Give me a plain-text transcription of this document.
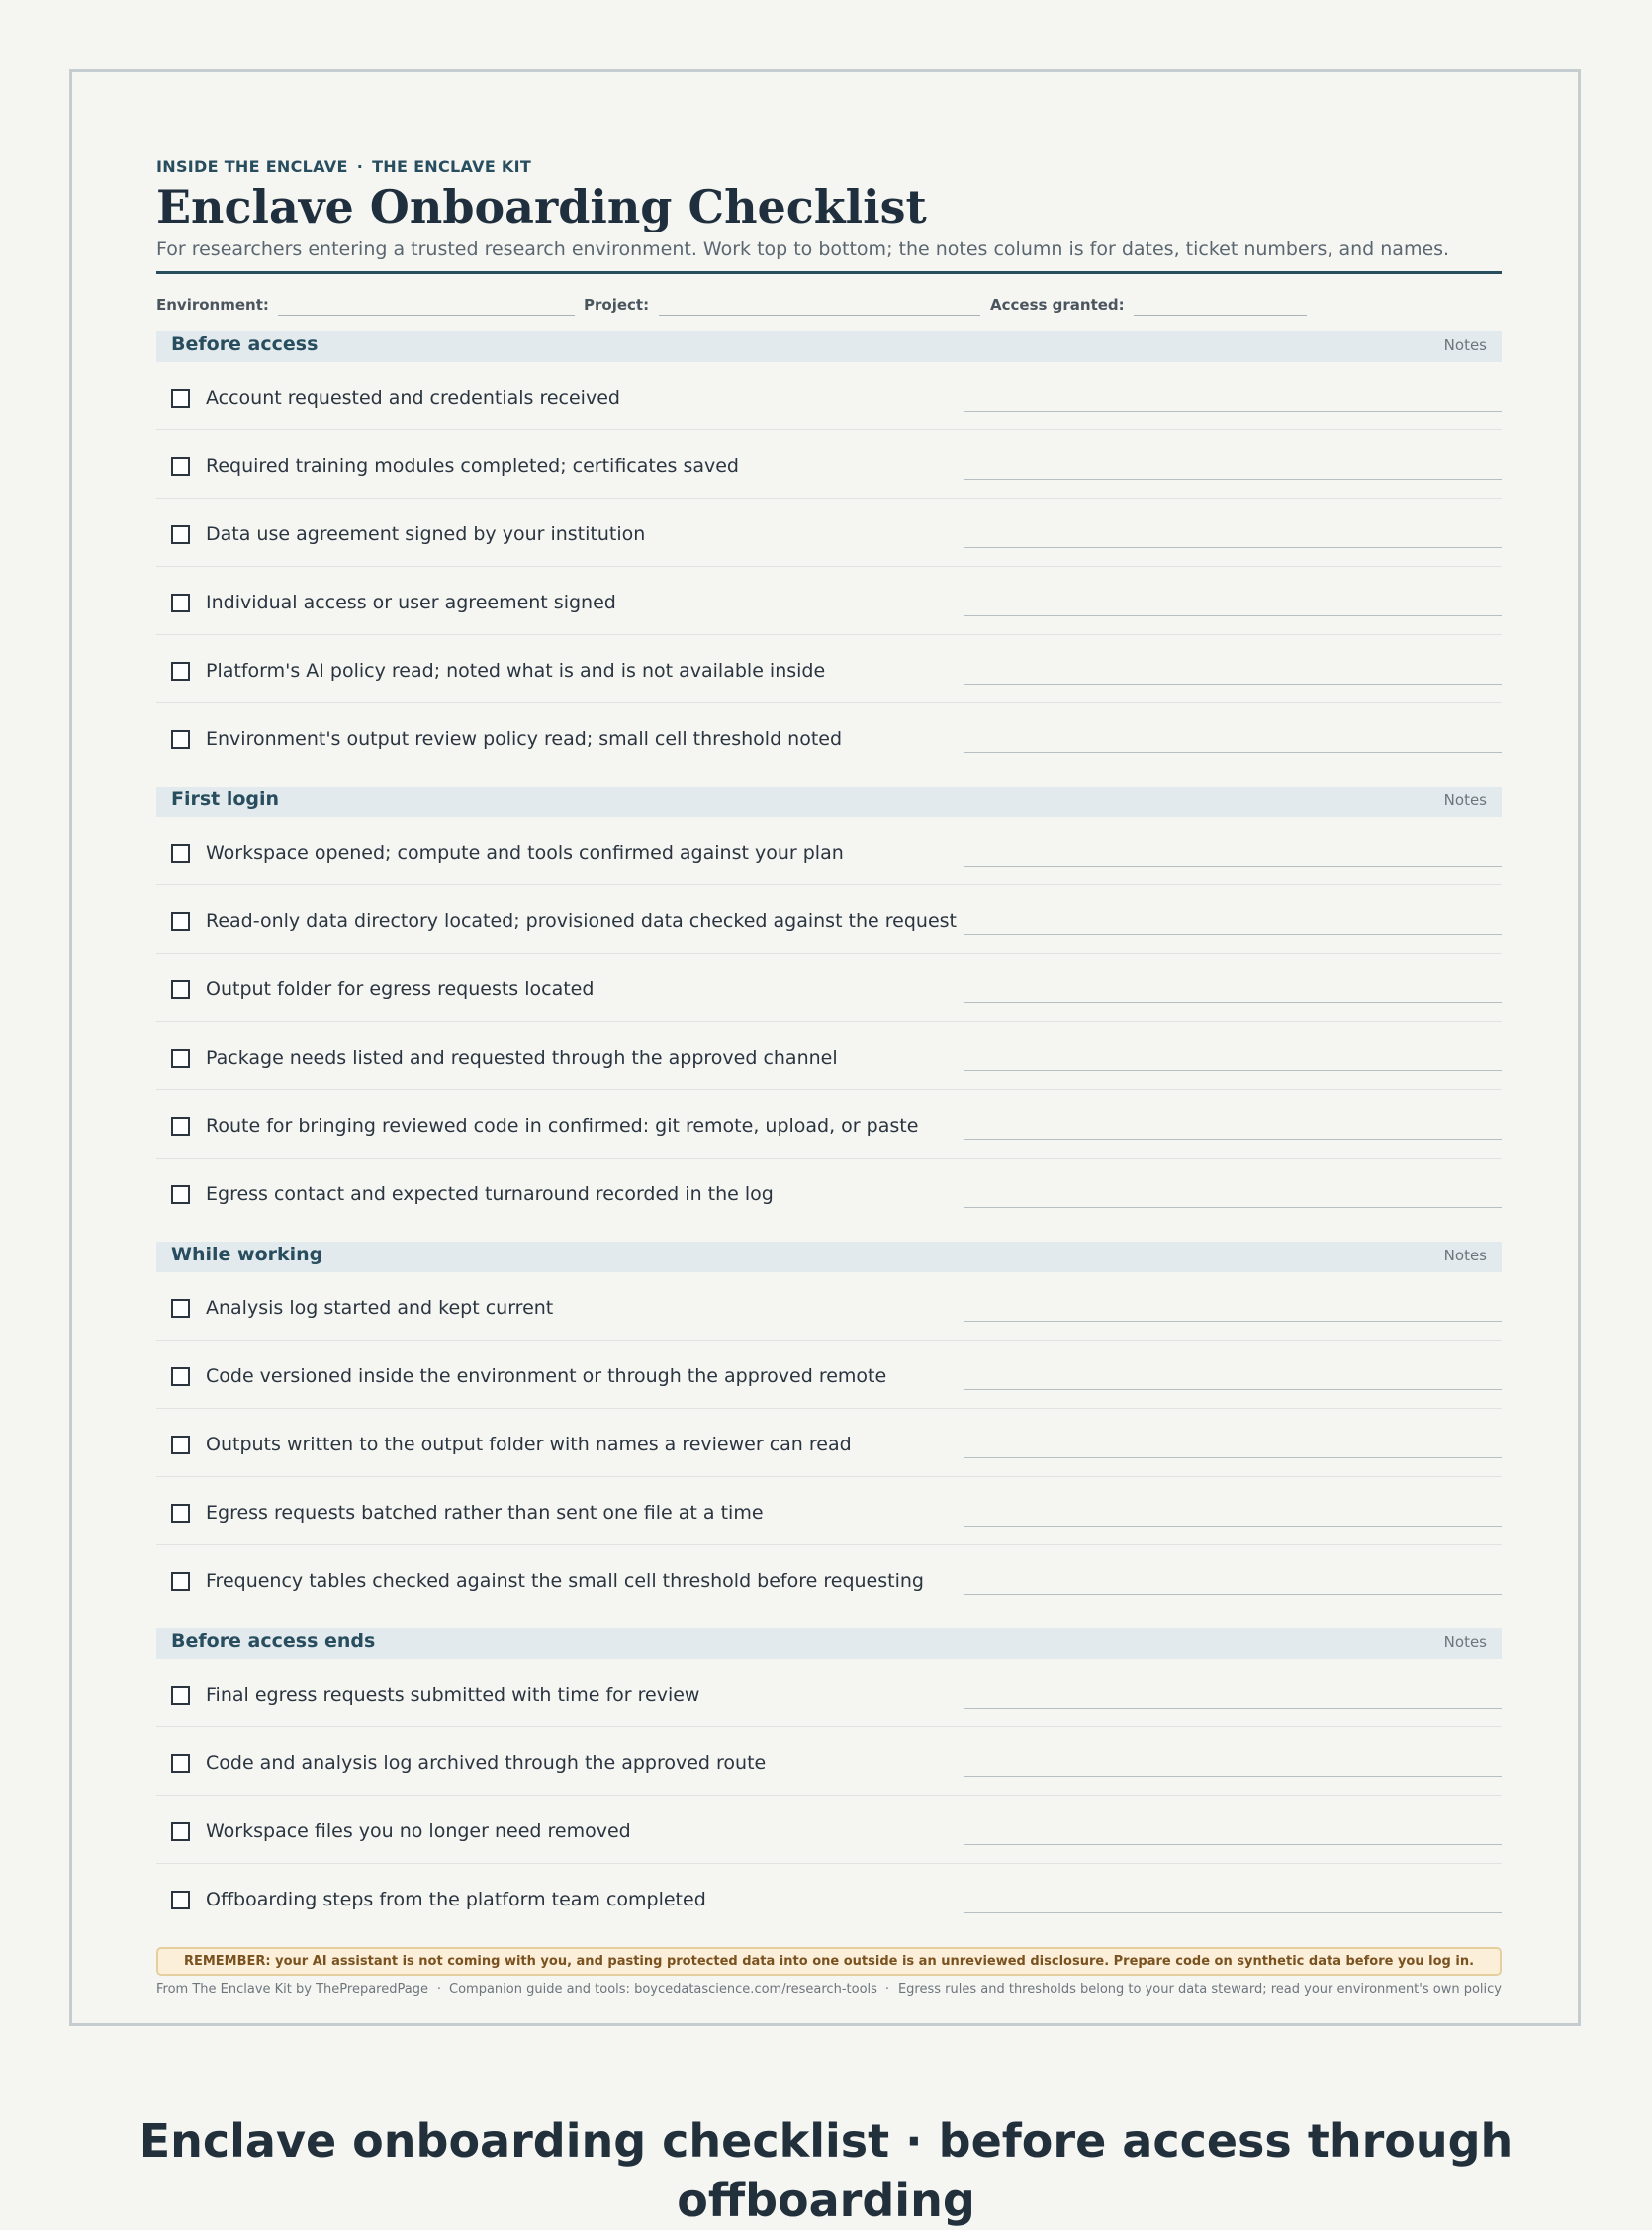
INSIDE THE ENCLAVE · THE ENCLAVE KIT
Enclave Onboarding Checklist
For researchers entering a trusted research environment. Work top to bottom; the notes column is for dates, ticket numbers, and names.
Environment:	Project:	Access granted:
Before access	Notes
Account requested and credentials received
Required training modules completed; certificates saved
Data use agreement signed by your institution
Individual access or user agreement signed
Platform's AI policy read; noted what is and is not available inside
Environment's output review policy read; small cell threshold noted
First login	Notes
Workspace opened; compute and tools confirmed against your plan
Read-only data directory located; provisioned data checked against the request
Output folder for egress requests located
Package needs listed and requested through the approved channel
Route for bringing reviewed code in confirmed: git remote, upload, or paste
Egress contact and expected turnaround recorded in the log
While working	Notes
Analysis log started and kept current
Code versioned inside the environment or through the approved remote
Outputs written to the output folder with names a reviewer can read
Egress requests batched rather than sent one file at a time
Frequency tables checked against the small cell threshold before requesting
Before access ends	Notes
Final egress requests submitted with time for review
Code and analysis log archived through the approved route
Workspace files you no longer need removed
Offboarding steps from the platform team completed
REMEMBER: your AI assistant is not coming with you, and pasting protected data into one outside is an unreviewed disclosure. Prepare code on synthetic data before you log in.
From The Enclave Kit by ThePreparedPage · Companion guide and tools: boycedatascience.com/research-tools · Egress rules and thresholds belong to your data steward; read your environment's own policy
Enclave onboarding checklist · before access through offboarding
